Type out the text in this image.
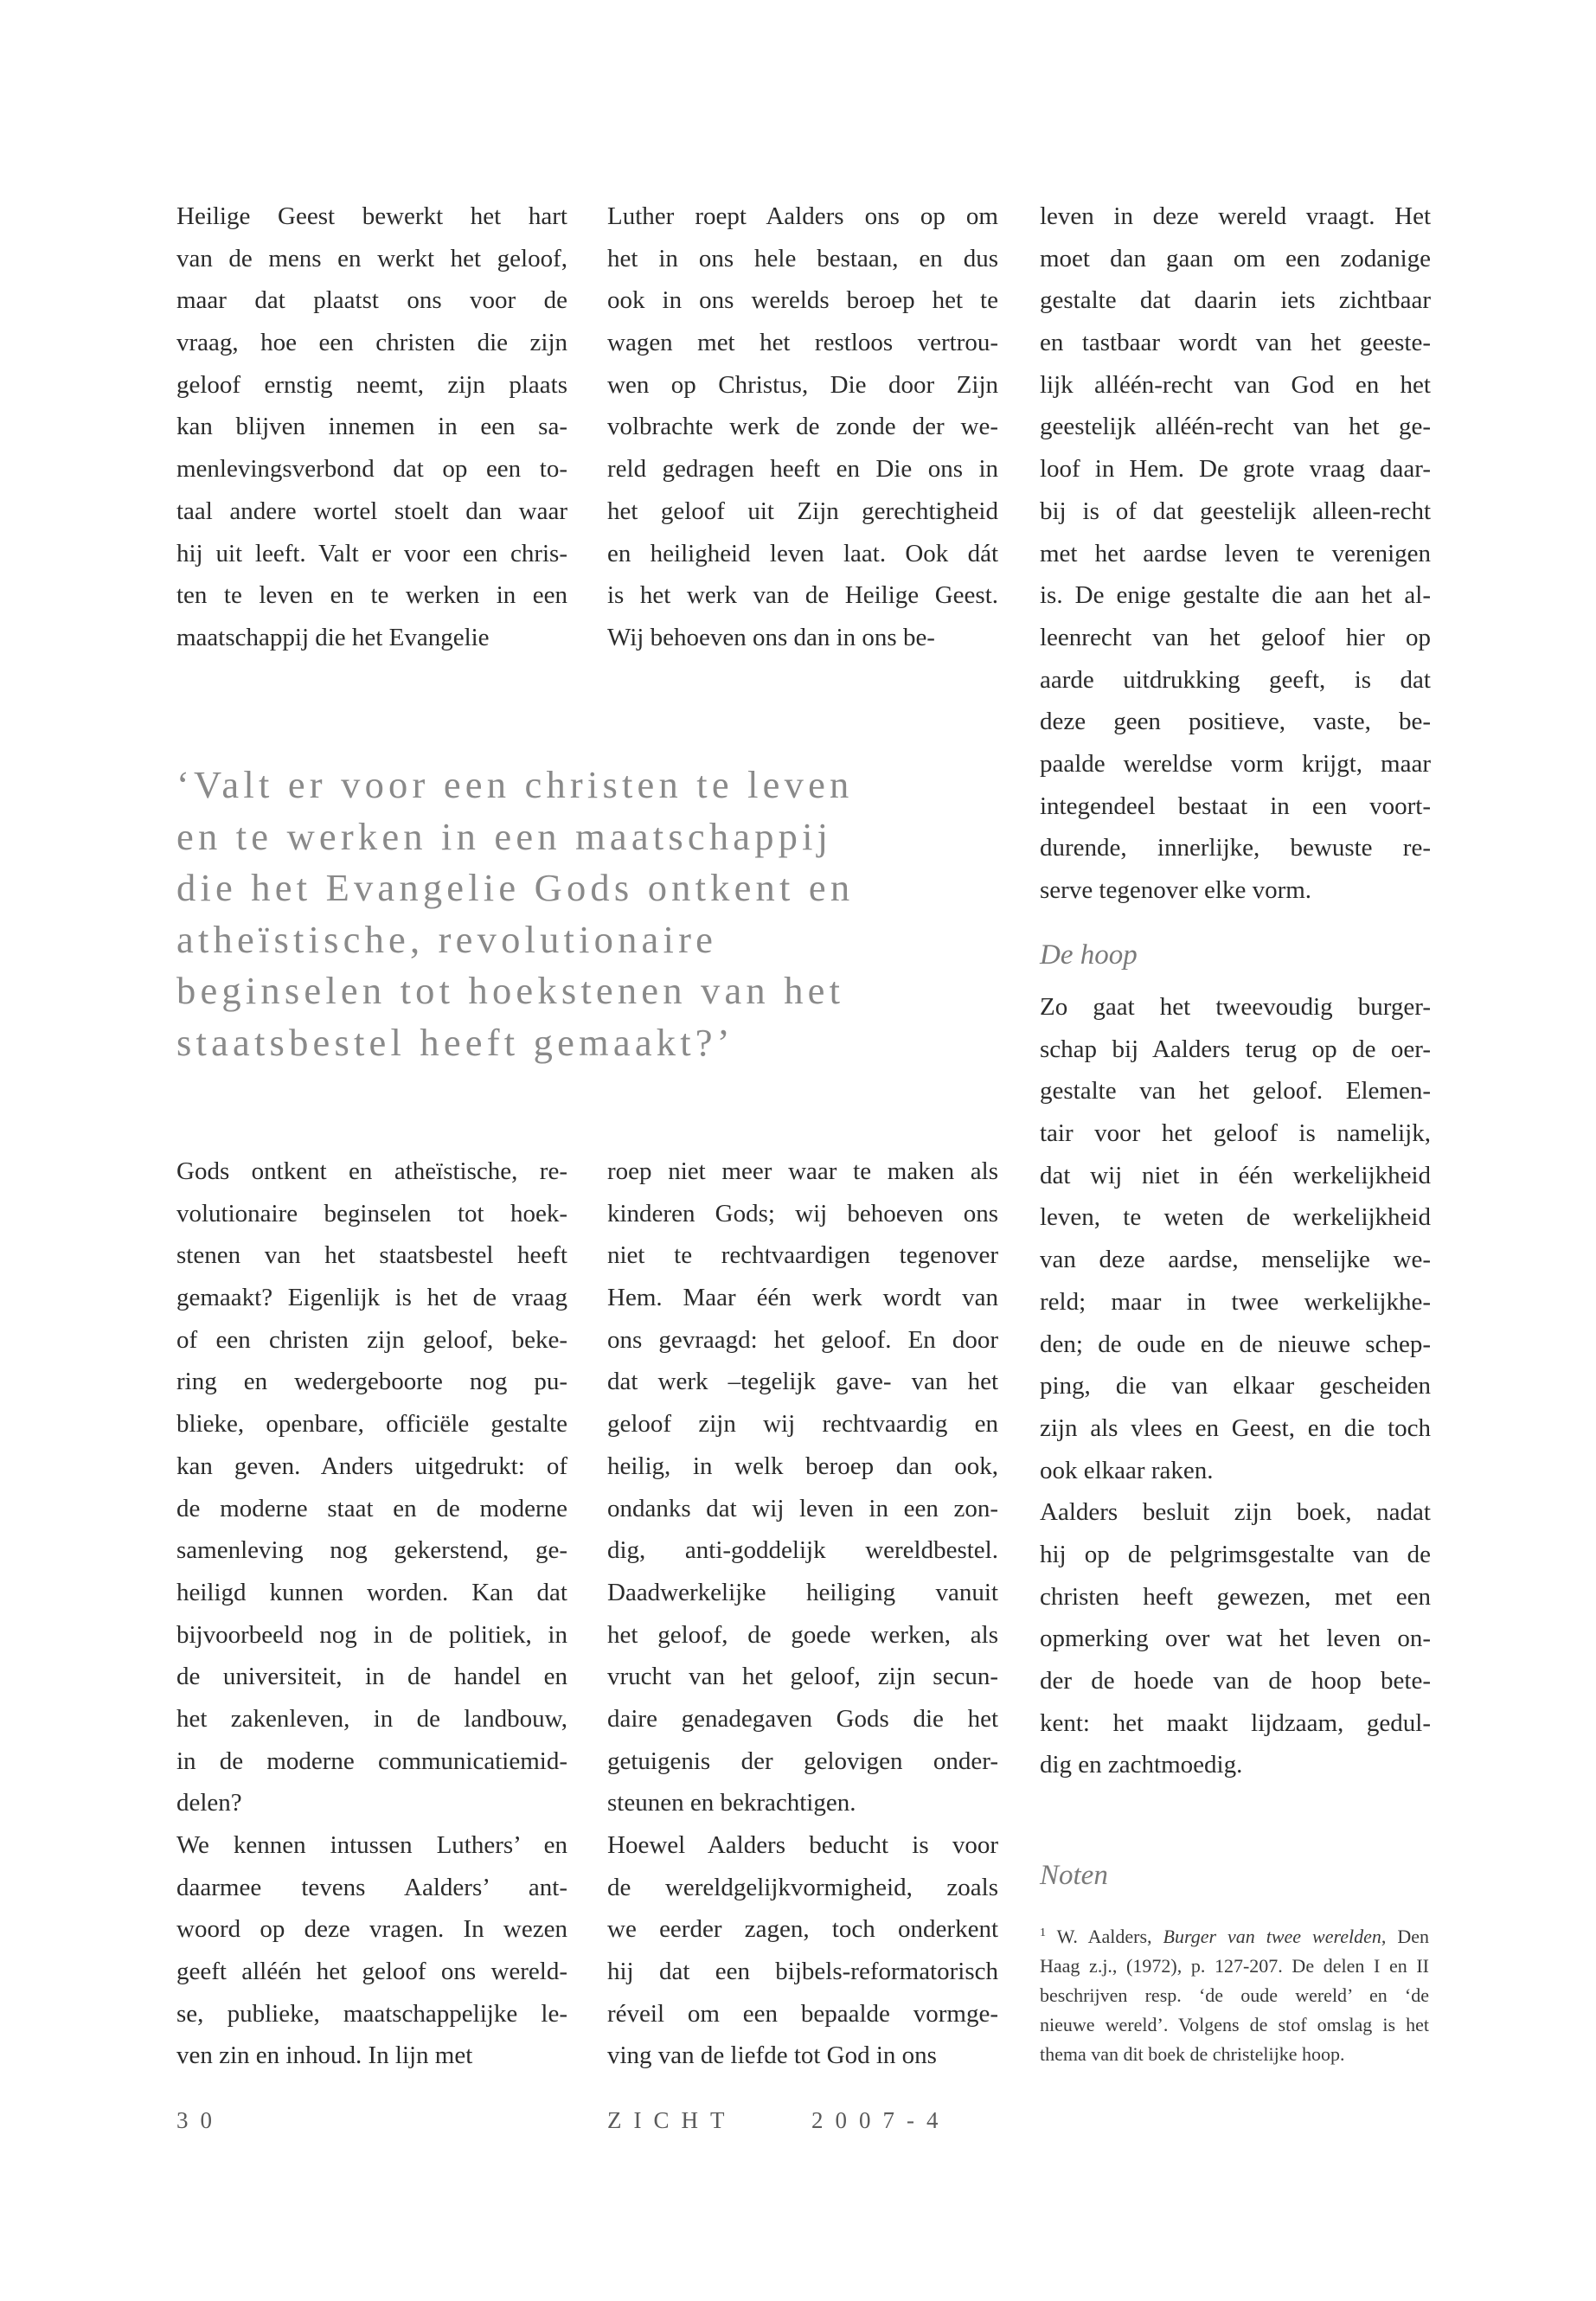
Heilige Geest bewerkt het hart
van de mens en werkt het geloof,
maar dat plaatst ons voor de
vraag, hoe een christen die zijn
geloof ernstig neemt, zijn plaats
kan blijven innemen in een sa-
menlevingsverbond dat op een to-
taal andere wortel stoelt dan waar
hij uit leeft. Valt er voor een chris-
ten te leven en te werken in een
maatschappij die het Evangelie

Luther roept Aalders ons op om
het in ons hele bestaan, en dus
ook in ons werelds beroep het te
wagen met het restloos vertrou-
wen op Christus, Die door Zijn
volbrachte werk de zonde der we-
reld gedragen heeft en Die ons in
het geloof uit Zijn gerechtigheid
en heiligheid leven laat. Ook dát
is het werk van de Heilige Geest.
Wij behoeven ons dan in ons be-

leven in deze wereld vraagt. Het
moet dan gaan om een zodanige
gestalte dat daarin iets zichtbaar
en tastbaar wordt van het geeste-
lijk alléén-recht van God en het
geestelijk alléén-recht van het ge-
loof in Hem. De grote vraag daar-
bij is of dat geestelijk alleen-recht
met het aardse leven te verenigen
is. De enige gestalte die aan het al-
leenrecht van het geloof hier op
aarde uitdrukking geeft, is dat
deze geen positieve, vaste, be-
paalde wereldse vorm krijgt, maar
integendeel bestaat in een voort-
durende, innerlijke, bewuste re-
serve tegenover elke vorm.

‘Valt er voor een christen te leven
en te werken in een maatschappij
die het Evangelie Gods ontkent en
atheïstische, revolutionaire
beginselen tot hoekstenen van het
staatsbestel heeft gemaakt?’
De hoop

Zo gaat het tweevoudig burger-
schap bij Aalders terug op de oer-
gestalte van het geloof. Elemen-
tair voor het geloof is namelijk,
dat wij niet in één werkelijkheid
leven, te weten de werkelijkheid
van deze aardse, menselijke we-
reld; maar in twee werkelijkhe-
den; de oude en de nieuwe schep-
ping, die van elkaar gescheiden
zijn als vlees en Geest, en die toch
ook elkaar raken.
Aalders besluit zijn boek, nadat
hij op de pelgrimsgestalte van de
christen heeft gewezen, met een
opmerking over wat het leven on-
der de hoede van de hoop bete-
kent: het maakt lijdzaam, gedul-
dig en zachtmoedig.

Gods ontkent en atheïstische, re-
volutionaire beginselen tot hoek-
stenen van het staatsbestel heeft
gemaakt? Eigenlijk is het de vraag
of een christen zijn geloof, beke-
ring en wedergeboorte nog pu-
blieke, openbare, officiële gestalte
kan geven. Anders uitgedrukt: of
de moderne staat en de moderne
samenleving nog gekerstend, ge-
heiligd kunnen worden. Kan dat
bijvoorbeeld nog in de politiek, in
de universiteit, in de handel en
het zakenleven, in de landbouw,
in de moderne communicatiemid-
delen?
We kennen intussen Luthers’ en
daarmee tevens Aalders’ ant-
woord op deze vragen. In wezen
geeft alléén het geloof ons wereld-
se, publieke, maatschappelijke le-
ven zin en inhoud. In lijn met

roep niet meer waar te maken als
kinderen Gods; wij behoeven ons
niet te rechtvaardigen tegenover
Hem. Maar één werk wordt van
ons gevraagd: het geloof. En door
dat werk –tegelijk gave- van het
geloof zijn wij rechtvaardig en
heilig, in welk beroep dan ook,
ondanks dat wij leven in een zon-
dig, anti-goddelijk wereldbestel.
Daadwerkelijke heiliging vanuit
het geloof, de goede werken, als
vrucht van het geloof, zijn secun-
daire genadegaven Gods die het
getuigenis der gelovigen onder-
steunen en bekrachtigen.
Hoewel Aalders beducht is voor
de wereldgelijkvormigheid, zoals
we eerder zagen, toch onderkent
hij dat een bijbels-reformatorisch
réveil om een bepaalde vormge-
ving van de liefde tot God in ons

Noten
$^1$ W. Aalders, Burger van twee werelden, Den
Haag z.j., (1972), p. 127-207. De delen I en II
beschrijven resp. ‘de oude wereld’ en ‘de
nieuwe wereld’. Volgens de stof omslag is het
thema van dit boek de christelijke hoop.
30	ZICHT	2007-4
